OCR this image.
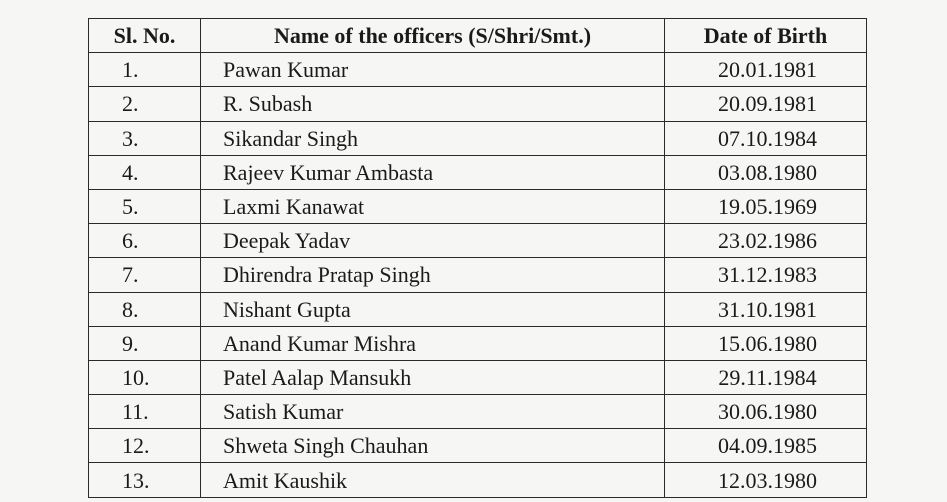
Sl. No.	Name of the officers (S/Shri/Smt.)	Date of Birth
1.	Pawan Kumar	20.01.1981
2.	R. Subash	20.09.1981
3.	Sikandar Singh	07.10.1984
4.	Rajeev Kumar Ambasta	03.08.1980
5.	Laxmi Kanawat	19.05.1969
6.	Deepak Yadav	23.02.1986
7.	Dhirendra Pratap Singh	31.12.1983
8.	Nishant Gupta	31.10.1981
9.	Anand Kumar Mishra	15.06.1980
10.	Patel Aalap Mansukh	29.11.1984
11.	Satish Kumar	30.06.1980
12.	Shweta Singh Chauhan	04.09.1985
13.	Amit Kaushik	12.03.1980
